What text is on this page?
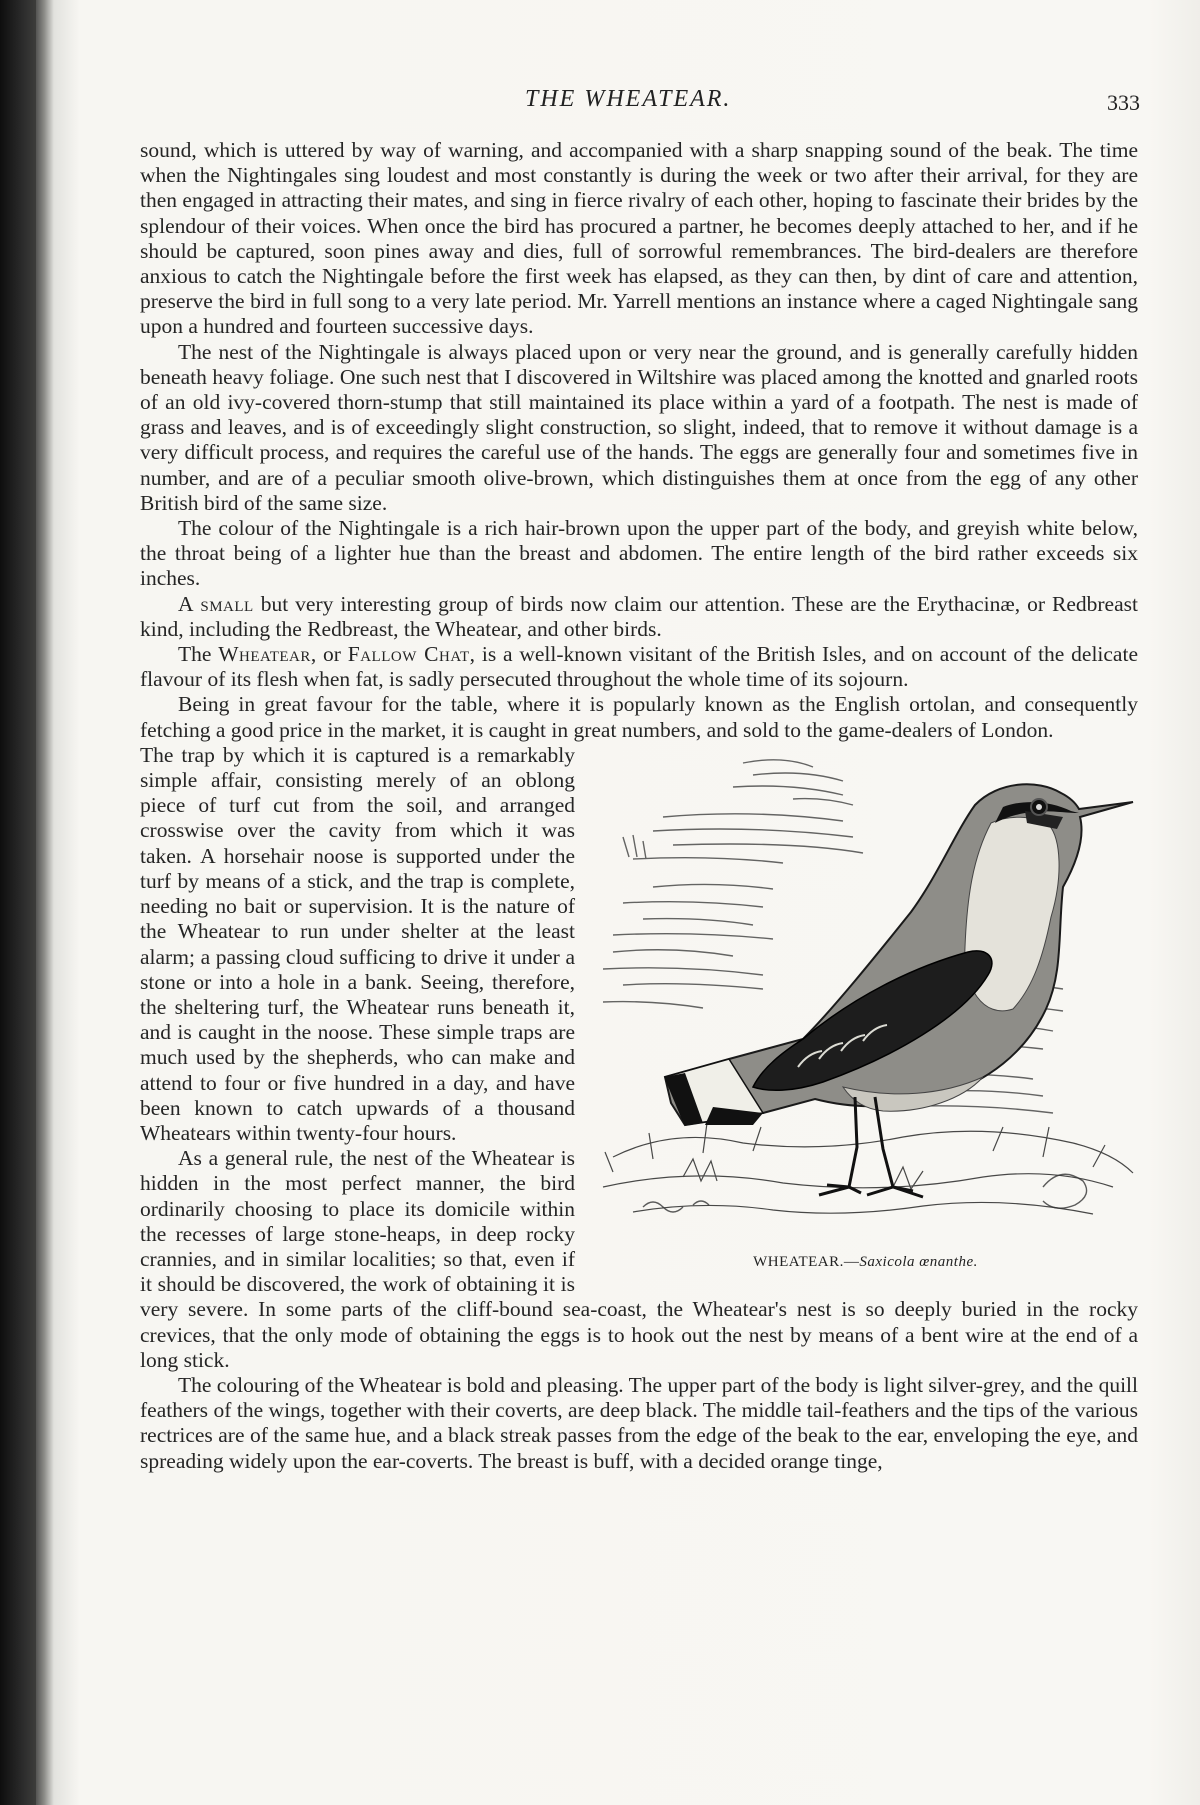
THE WHEATEAR.	333

sound, which is uttered by way of warning, and accompanied with a sharp snapping sound of the beak. The time when the Nightingales sing loudest and most constantly is during the week or two after their arrival, for they are then engaged in attracting their mates, and sing in fierce rivalry of each other, hoping to fascinate their brides by the splendour of their voices. When once the bird has procured a partner, he becomes deeply attached to her, and if he should be captured, soon pines away and dies, full of sorrowful remembrances. The bird-dealers are therefore anxious to catch the Nightingale before the first week has elapsed, as they can then, by dint of care and attention, preserve the bird in full song to a very late period. Mr. Yarrell mentions an instance where a caged Nightingale sang upon a hundred and fourteen successive days.

The nest of the Nightingale is always placed upon or very near the ground, and is generally carefully hidden beneath heavy foliage. One such nest that I discovered in Wiltshire was placed among the knotted and gnarled roots of an old ivy-covered thorn-stump that still maintained its place within a yard of a footpath. The nest is made of grass and leaves, and is of exceedingly slight construction, so slight, indeed, that to remove it without damage is a very difficult process, and requires the careful use of the hands. The eggs are generally four and sometimes five in number, and are of a peculiar smooth olive-brown, which distinguishes them at once from the egg of any other British bird of the same size.

The colour of the Nightingale is a rich hair-brown upon the upper part of the body, and greyish white below, the throat being of a lighter hue than the breast and abdomen. The entire length of the bird rather exceeds six inches.

A small but very interesting group of birds now claim our attention. These are the Erythacinæ, or Redbreast kind, including the Redbreast, the Wheatear, and other birds.

The Wheatear, or Fallow Chat, is a well-known visitant of the British Isles, and on account of the delicate flavour of its flesh when fat, is sadly persecuted throughout the whole time of its sojourn.

Being in great favour for the table, where it is popularly known as the English ortolan, and consequently fetching a good price in the market, it is caught in great numbers, and sold to the game-dealers of London.

WHEATEAR.—Saxicola œnanthe.

The trap by which it is captured is a remarkably simple affair, consisting merely of an oblong piece of turf cut from the soil, and arranged crosswise over the cavity from which it was taken. A horsehair noose is supported under the turf by means of a stick, and the trap is complete, needing no bait or supervision. It is the nature of the Wheatear to run under shelter at the least alarm; a passing cloud sufficing to drive it under a stone or into a hole in a bank. Seeing, therefore, the sheltering turf, the Wheatear runs beneath it, and is caught in the noose. These simple traps are much used by the shepherds, who can make and attend to four or five hundred in a day, and have been known to catch upwards of a thousand Wheatears within twenty-four hours.

As a general rule, the nest of the Wheatear is hidden in the most perfect manner, the bird ordinarily choosing to place its domicile within the recesses of large stone-heaps, in deep rocky crannies, and in similar localities; so that, even if it should be discovered, the work of obtaining it is very severe. In some parts of the cliff-bound sea-coast, the Wheatear's nest is so deeply buried in the rocky crevices, that the only mode of obtaining the eggs is to hook out the nest by means of a bent wire at the end of a long stick.

The colouring of the Wheatear is bold and pleasing. The upper part of the body is light silver-grey, and the quill feathers of the wings, together with their coverts, are deep black. The middle tail-feathers and the tips of the various rectrices are of the same hue, and a black streak passes from the edge of the beak to the ear, enveloping the eye, and spreading widely upon the ear-coverts. The breast is buff, with a decided orange tinge,
